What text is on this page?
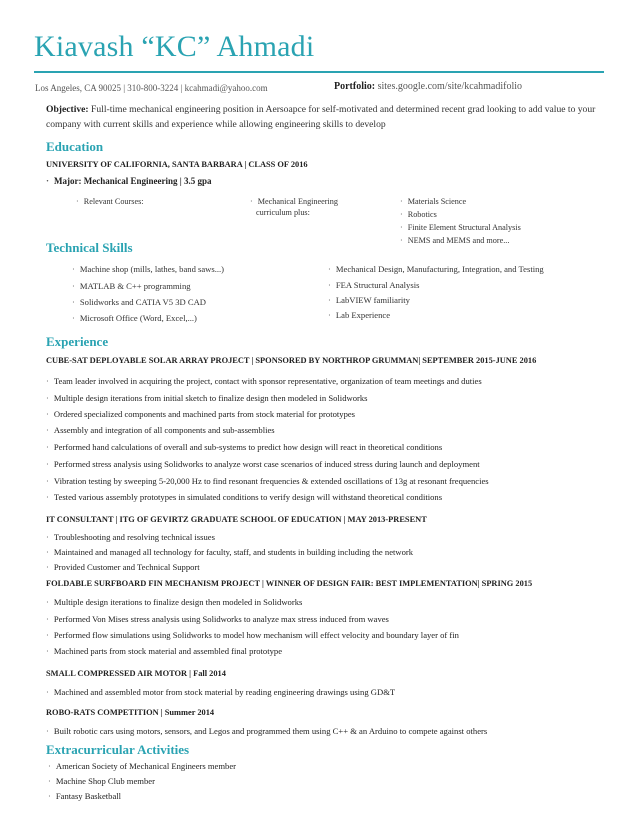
Kiavash “KC” Ahmadi
Los Angeles, CA 90025 | 310-800-3224 | kcahmadi@yahoo.com	Portfolio: sites.google.com/site/kcahmadifolio
Objective: Full-time mechanical engineering position in Aersoapce for self-motivated and determined recent grad looking to add value to your company with current skills and experience while allowing engineering skills to develop
Education
UNIVERSITY OF CALIFORNIA, SANTA BARBARA | CLASS OF 2016
· Major: Mechanical Engineering | 3.5 gpa
· Relevant Courses:	· Mechanical Engineering
curriculum plus:
· Materials Science
· Robotics
· Finite Element Structural Analysis
· NEMS and MEMS and more...
Technical Skills
· Machine shop (mills, lathes, band saws...)
· MATLAB & C++ programming
· Solidworks and CATIA V5 3D CAD
· Microsoft Office (Word, Excel,...)
· Mechanical Design, Manufacturing, Integration, and Testing
· FEA Structural Analysis
· LabVIEW familiarity
· Lab Experience
Experience
CUBE-SAT DEPLOYABLE SOLAR ARRAY PROJECT | SPONSORED BY NORTHROP GRUMMAN| SEPTEMBER 2015-JUNE 2016
· Team leader involved in acquiring the project, contact with sponsor representative, organization of team meetings and duties
· Multiple design iterations from initial sketch to finalize design then modeled in Solidworks
· Ordered specialized components and machined parts from stock material for prototypes
· Assembly and integration of all components and sub-assemblies
· Performed hand calculations of overall and sub-systems to predict how design will react in theoretical conditions
· Performed stress analysis using Solidworks to analyze worst case scenarios of induced stress during launch and deployment
· Vibration testing by sweeping 5-20,000 Hz to find resonant frequencies & extended oscillations of 13g at resonant frequencies
· Tested various assembly prototypes in simulated conditions to verify design will withstand theoretical conditions
IT CONSULTANT | ITG OF GEVIRTZ GRADUATE SCHOOL OF EDUCATION | MAY 2013-PRESENT
· Troubleshooting and resolving technical issues
· Maintained and managed all technology for faculty, staff, and students in building including the network
· Provided Customer and Technical Support
FOLDABLE SURFBOARD FIN MECHANISM PROJECT | WINNER OF DESIGN FAIR: BEST IMPLEMENTATION| SPRING 2015
· Multiple design iterations to finalize design then modeled in Solidworks
· Performed Von Mises stress analysis using Solidworks to analyze max stress induced from waves
· Performed flow simulations using Solidworks to model how mechanism will effect velocity and boundary layer of fin
· Machined parts from stock material and assembled final prototype
SMALL COMPRESSED AIR MOTOR | Fall 2014
· Machined and assembled motor from stock material by reading engineering drawings using GD&T
ROBO-RATS COMPETITION | Summer 2014
· Built robotic cars using motors, sensors, and Legos and programmed them using C++ & an Arduino to compete against others
Extracurricular Activities
· American Society of Mechanical Engineers member
· Machine Shop Club member
· Fantasy Basketball
